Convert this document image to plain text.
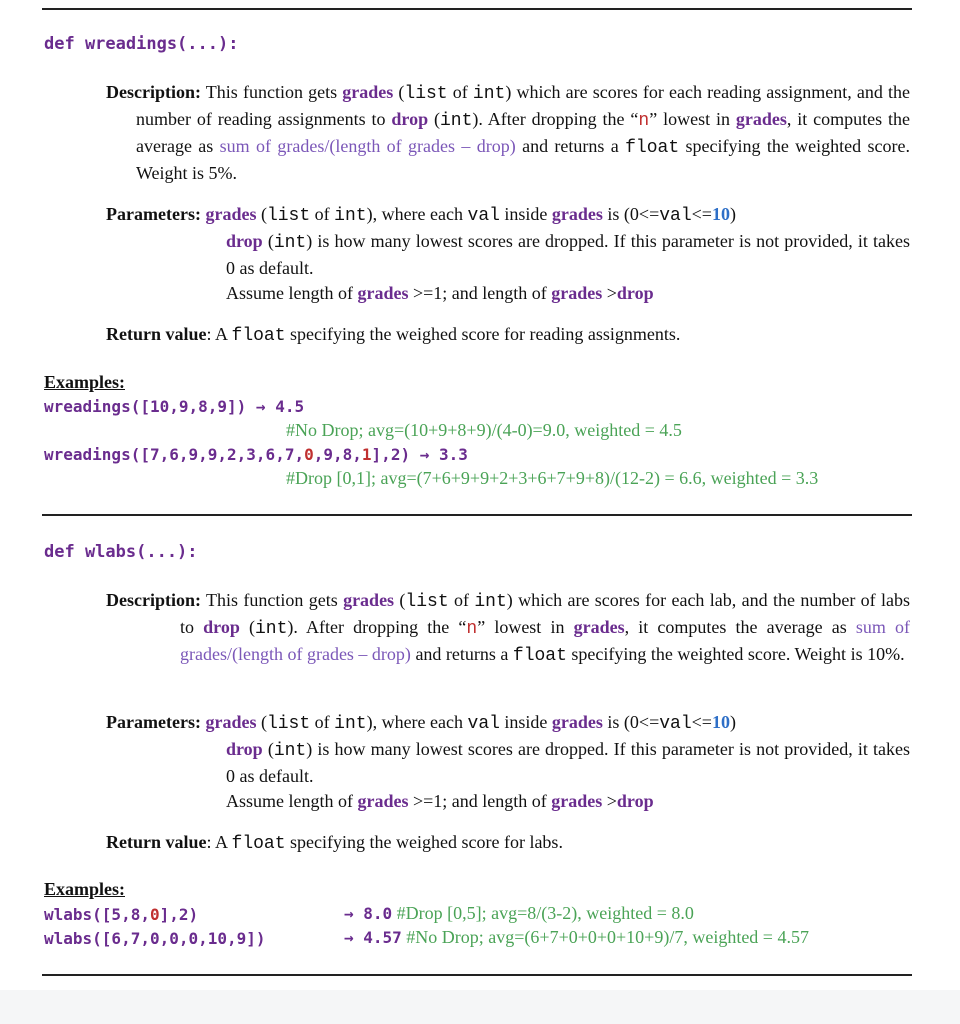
def wreadings(...):
Description: This function gets grades (list of int) which are scores for each reading assignment, and the number of reading assignments to drop (int). After dropping the “n” lowest in grades, it computes the average as sum of grades/(length of grades – drop) and returns a float specifying the weighted score. Weight is 5%.
Parameters: grades (list of int), where each val inside grades is (0<=val<=10)
drop (int) is how many lowest scores are dropped. If this parameter is not provided, it takes 0 as default.
Assume length of grades >=1; and length of grades >drop
Return value: A float specifying the weighed score for reading assignments.
Examples:
wreadings([10,9,8,9]) → 4.5
#No Drop; avg=(10+9+8+9)/(4-0)=9.0, weighted = 4.5
wreadings([7,6,9,9,2,3,6,7,0,9,8,1],2) → 3.3
#Drop [0,1]; avg=(7+6+9+9+2+3+6+7+9+8)/(12-2) = 6.6, weighted = 3.3
def wlabs(...):
Description: This function gets grades (list of int) which are scores for each lab, and the number of labs to drop (int). After dropping the “n” lowest in grades, it computes the average as sum of grades/(length of grades – drop) and returns a float specifying the weighted score. Weight is 10%.
Parameters: grades (list of int), where each val inside grades is (0<=val<=10)
drop (int) is how many lowest scores are dropped. If this parameter is not provided, it takes 0 as default.
Assume length of grades >=1; and length of grades >drop
Return value: A float specifying the weighed score for labs.
Examples:
wlabs([5,8,0],2)	→ 8.0 #Drop [0,5]; avg=8/(3-2), weighted = 8.0
wlabs([6,7,0,0,0,10,9])	→ 4.57 #No Drop; avg=(6+7+0+0+0+10+9)/7, weighted = 4.57
